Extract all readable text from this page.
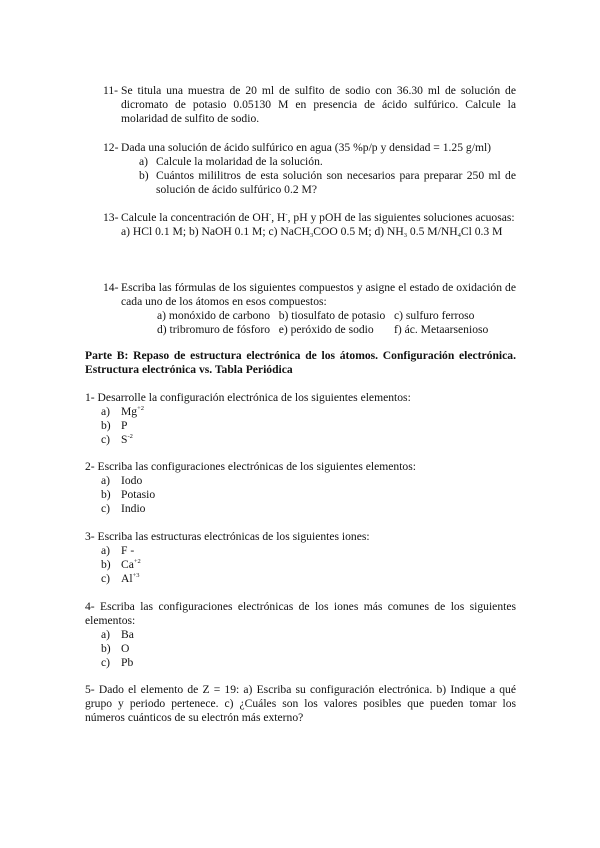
11- Se titula una muestra de 20 ml de sulfito de sodio con 36.30 ml de solución de dicromato de potasio 0.05130 M en presencia de ácido sulfúrico. Calcule la molaridad de sulfito de sodio.
12- Dada una solución de ácido sulfúrico en agua (35 %p/p y densidad = 1.25 g/ml)
a) Calcule la molaridad de la solución.
b) Cuántos mililitros de esta solución son necesarios para preparar 250 ml de solución de ácido sulfúrico 0.2 M?
13- Calcule la concentración de OH-, H-, pH y pOH de las siguientes soluciones acuosas:
a) HCl 0.1 M; b) NaOH 0.1 M; c) NaCH$_3$COO 0.5 M; d) $NH_3$ 0.5 $M/NH_4Cl$ 0.3 M
14- Escriba las fórmulas de los siguientes compuestos y asigne el estado de oxidación de cada uno de los átomos en esos compuestos:
a) monóxido de carbono   b) tiosulfato de potasio   c) sulfuro ferroso
d) tribromuro de fósforo   e) peróxido de sodio       f) ác. Metaarsenioso
Parte B: Repaso de estructura electrónica de los átomos. Configuración electrónica. Estructura electrónica vs. Tabla Periódica
1- Desarrolle la configuración electrónica de los siguientes elementos:
a) $Mg^{+2}$
b) P
c) $S^{-2}$
2- Escriba las configuraciones electrónicas de los siguientes elementos:
a) Iodo
b) Potasio
c) Indio
3- Escriba las estructuras electrónicas de los siguientes iones:
a) F -
b) $Ca^{+2}$
c) $Al^{+3}$
4- Escriba las configuraciones electrónicas de los iones más comunes de los siguientes elementos:
a) Ba
b) O
c) Pb
5- Dado el elemento de Z = 19: a) Escriba su configuración electrónica. b) Indique a qué grupo y periodo pertenece. c) ¿Cuáles son los valores posibles que pueden tomar los números cuánticos de su electrón más externo?
